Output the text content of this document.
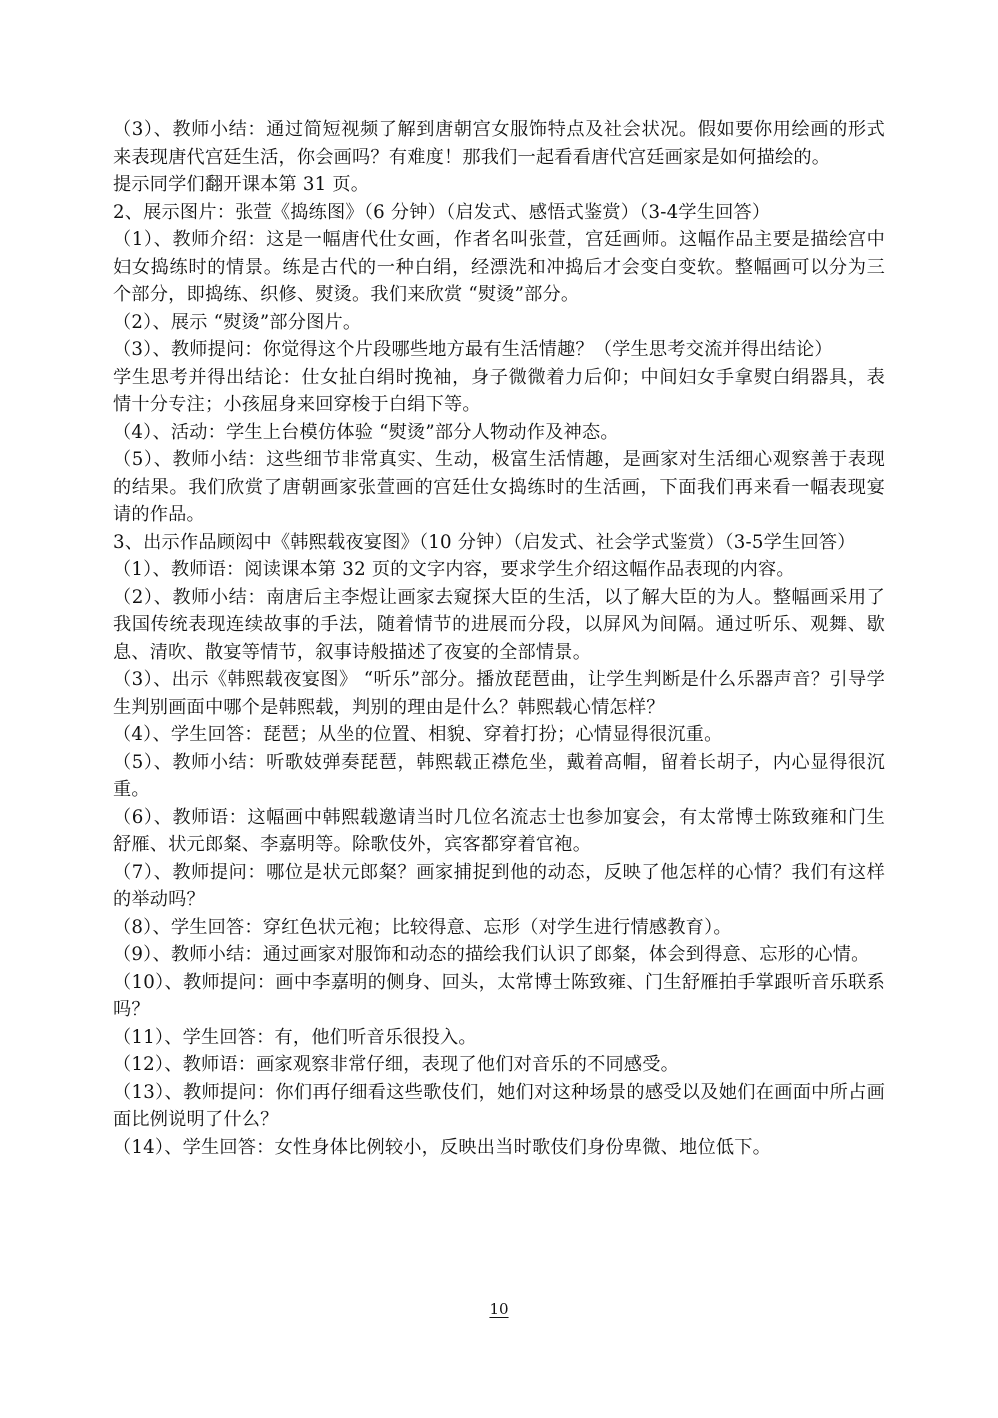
（3）、教师小结：通过简短视频了解到唐朝宫女服饰特点及社会状况。假如要你用绘画的形式来表现唐代宫廷生活，你会画吗？有难度！那我们一起看看唐代宫廷画家是如何描绘的。

提示同学们翻开课本第 31 页。

2、展示图片：张萱《捣练图》（6 分钟）（启发式、感悟式鉴赏）（3-4学生回答）

（1）、教师介绍：这是一幅唐代仕女画，作者名叫张萱，宫廷画师。这幅作品主要是描绘宫中妇女捣练时的情景。练是古代的一种白绢，经漂洗和冲捣后才会变白变软。整幅画可以分为三个部分，即捣练、织修、熨烫。我们来欣赏 “熨烫”部分。

（2）、展示 “熨烫”部分图片。

（3）、教师提问：你觉得这个片段哪些地方最有生活情趣？（学生思考交流并得出结论）

学生思考并得出结论：仕女扯白绢时挽袖，身子微微着力后仰；中间妇女手拿熨白绢器具，表情十分专注；小孩屈身来回穿梭于白绢下等。

（4）、活动：学生上台模仿体验 “熨烫”部分人物动作及神态。

（5）、教师小结：这些细节非常真实、生动，极富生活情趣，是画家对生活细心观察善于表现的结果。我们欣赏了唐朝画家张萱画的宫廷仕女捣练时的生活画，下面我们再来看一幅表现宴请的作品。

3、出示作品顾闳中《韩熙载夜宴图》（10 分钟）（启发式、社会学式鉴赏）（3-5学生回答）

（1）、教师语：阅读课本第 32 页的文字内容，要求学生介绍这幅作品表现的内容。

（2）、教师小结：南唐后主李煜让画家去窥探大臣的生活，以了解大臣的为人。整幅画采用了我国传统表现连续故事的手法，随着情节的进展而分段，以屏风为间隔。通过听乐、观舞、歇息、清吹、散宴等情节，叙事诗般描述了夜宴的全部情景。

（3）、出示《韩熙载夜宴图》 “听乐”部分。播放琵琶曲，让学生判断是什么乐器声音？引导学生判别画面中哪个是韩熙载，判别的理由是什么？韩熙载心情怎样？

（4）、学生回答：琵琶；从坐的位置、相貌、穿着打扮；心情显得很沉重。

（5）、教师小结：听歌妓弹奏琵琶，韩熙载正襟危坐，戴着高帽，留着长胡子，内心显得很沉重。

（6）、教师语：这幅画中韩熙载邀请当时几位名流志士也参加宴会，有太常博士陈致雍和门生舒雁、状元郎粲、李嘉明等。除歌伎外，宾客都穿着官袍。

（7）、教师提问：哪位是状元郎粲？画家捕捉到他的动态，反映了他怎样的心情？我们有这样的举动吗？

（8）、学生回答：穿红色状元袍；比较得意、忘形（对学生进行情感教育）。

（9）、教师小结：通过画家对服饰和动态的描绘我们认识了郎粲，体会到得意、忘形的心情。

（10）、教师提问：画中李嘉明的侧身、回头，太常博士陈致雍、门生舒雁拍手掌跟听音乐联系吗？

（11）、学生回答：有，他们听音乐很投入。

（12）、教师语：画家观察非常仔细，表现了他们对音乐的不同感受。

（13）、教师提问：你们再仔细看这些歌伎们，她们对这种场景的感受以及她们在画面中所占画面比例说明了什么？

（14）、学生回答：女性身体比例较小，反映出当时歌伎们身份卑微、地位低下。

10
